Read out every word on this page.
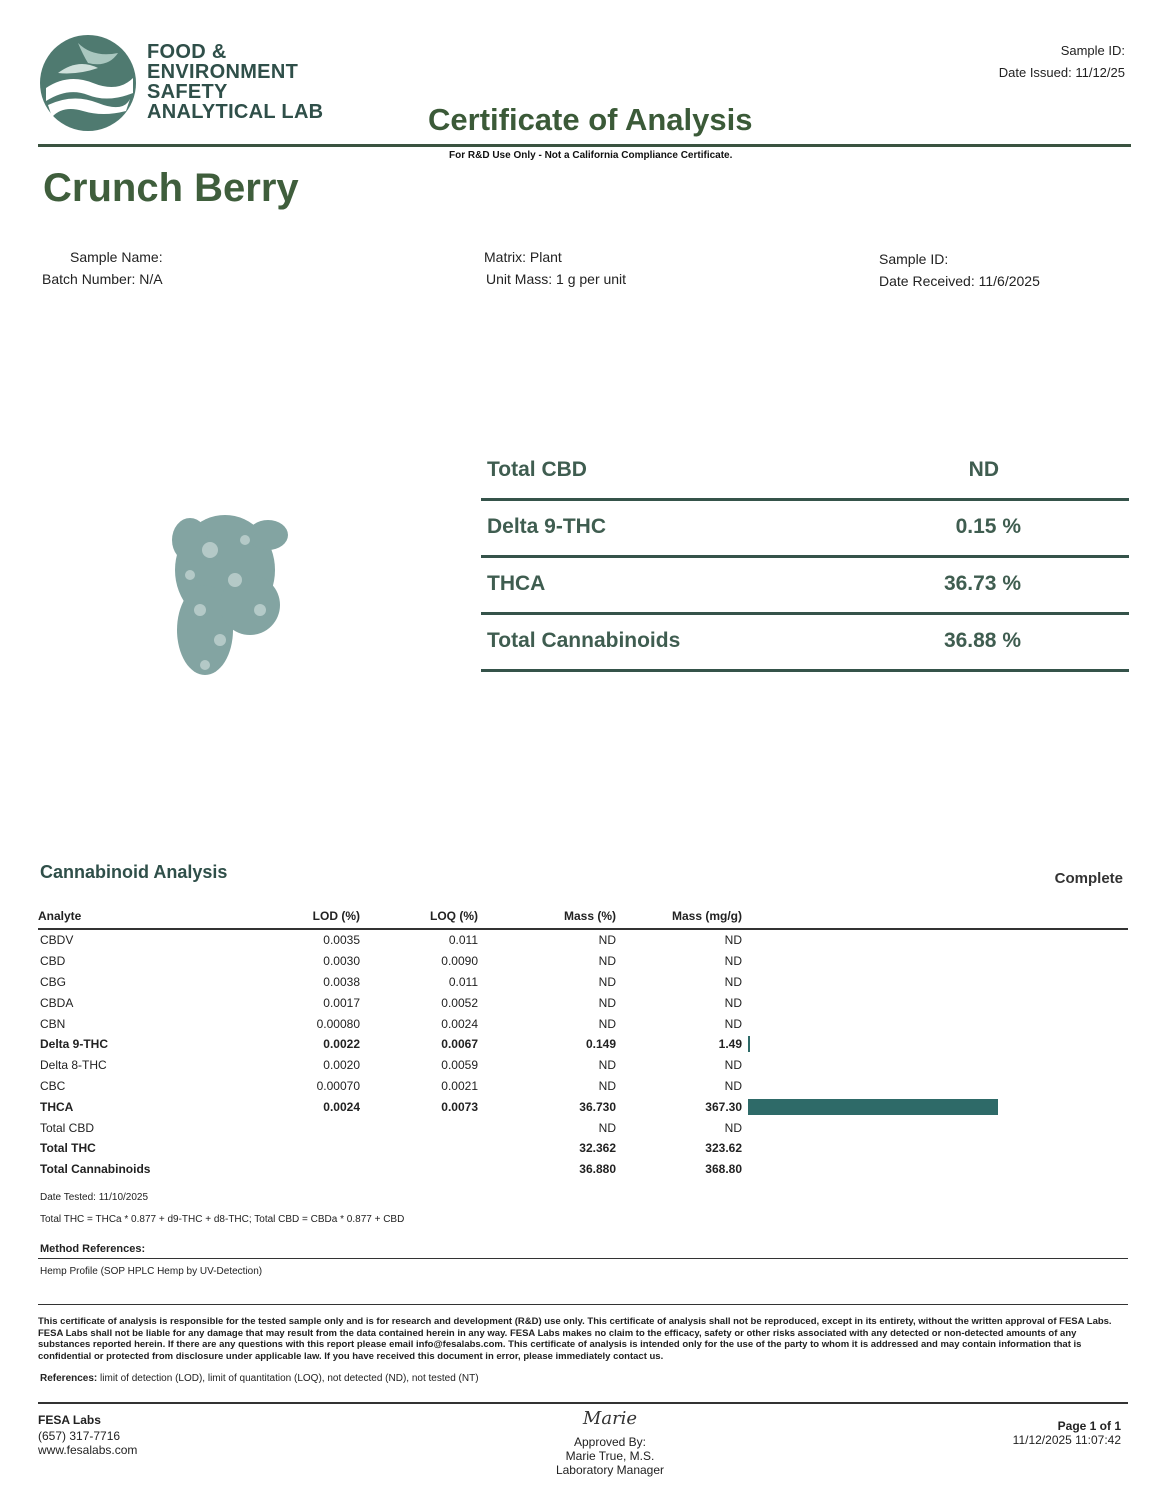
FOOD &
ENVIRONMENT
SAFETY
ANALYTICAL LAB	Certificate of Analysis
For R&D Use Only - Not a California Compliance Certificate.
Sample ID:
Date Issued: 11/12/25
Crunch Berry
Sample Name:
Batch Number: N/A
Matrix: Plant
Unit Mass: 1 g per unit
Sample ID:
Date Received: 11/6/2025
Total CBD	ND
Delta 9-THC	0.15 %
THCA	36.73 %
Total Cannabinoids	36.88 %
Cannabinoid Analysis	Complete
Analyte	LOD (%)	LOQ (%)	Mass (%)	Mass (mg/g)	
CBDV	0.0035	0.011	ND	ND	
CBD	0.0030	0.0090	ND	ND	
CBG	0.0038	0.011	ND	ND	
CBDA	0.0017	0.0052	ND	ND	
CBN	0.00080	0.0024	ND	ND	
Delta 9-THC	0.0022	0.0067	0.149	1.49	
Delta 8-THC	0.0020	0.0059	ND	ND	
CBC	0.00070	0.0021	ND	ND	
THCA	0.0024	0.0073	36.730	367.30	
Total CBD			ND	ND	
Total THC			32.362	323.62	
Total Cannabinoids			36.880	368.80	
Date Tested: 11/10/2025
Total THC = THCa * 0.877 + d9-THC + d8-THC; Total CBD = CBDa * 0.877 + CBD
Method References:
Hemp Profile (SOP HPLC Hemp by UV-Detection)
This certificate of analysis is responsible for the tested sample only and is for research and development (R&D) use only. This certificate of analysis shall not be reproduced, except in its entirety, without the written approval of FESA Labs. FESA Labs shall not be liable for any damage that may result from the data contained herein in any way. FESA Labs makes no claim to the efficacy, safety or other risks associated with any detected or non-detected amounts of any substances reported herein. If there are any questions with this report please email info@fesalabs.com. This certificate of analysis is intended only for the use of the party to whom it is addressed and may contain information that is confidential or protected from disclosure under applicable law. If you have received this document in error, please immediately contact us.
References: limit of detection (LOD), limit of quantitation (LOQ), not detected (ND), not tested (NT)
FESA Labs
(657) 317-7716
www.fesalabs.com
Marie
Approved By:
Marie True, M.S.
Laboratory Manager
Page 1 of 1
11/12/2025 11:07:42
